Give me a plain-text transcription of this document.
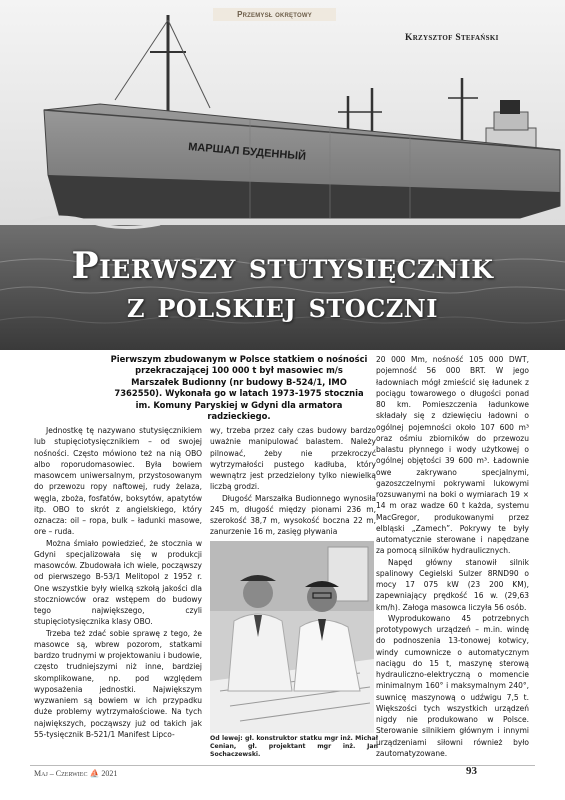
МАРШАЛ БУДЕННЫЙ
Przemysł okrętowy
Krzysztof Stefański
Pierwszy stutysięcznik
z polskiej stoczni
Pierwszym zbudowanym w Polsce statkiem o nośności przekraczającej 100 000 t był masowiec m/s Marszałek Budionny (nr budowy B-524/1, IMO 7362550). Wykonała go w latach 1973-1975 stocznia im. Komuny Paryskiej w Gdyni dla armatora radzieckiego.

Jednostkę tę nazywano stutysięcznikiem lub stupięciotysięcznikiem – od swojej nośności. Często mówiono też na nią OBO albo roporudomasowiec. Była bowiem masowcem uniwersalnym, przystosowanym do przewozu ropy naftowej, rudy żelaza, węgla, zboża, fosfatów, boksytów, apatytów itp. OBO to skrót z angielskiego, który oznacza: oil – ropa, bulk – ładunki masowe, ore – ruda.

Można śmiało powiedzieć, że stocznia w Gdyni specjalizowała się w produkcji masowców. Zbudowała ich wiele, począwszy od pierwszego B-53/1 Melitopol z 1952 r. One wszystkie były wielką szkołą jakości dla stoczniowców oraz wstępem do budowy tego największego, czyli stupięciotysięcznika klasy OBO.

Trzeba też zdać sobie sprawę z tego, że masowce są, wbrew pozorom, statkami bardzo trudnymi w projektowaniu i budowie, często trudniejszymi niż inne, bardziej skomplikowane, np. pod względem wyposażenia jednostki. Największym wyzwaniem są bowiem w ich przypadku duże problemy wytrzymałościowe. Na tych największych, począwszy już od takich jak 55-tysięcznik B-521/1 Manifest Lipco-

wy, trzeba przez cały czas budowy bardzo uważnie manipulować balastem. Należy pilnować, żeby nie przekroczyć wytrzymałości pustego kadłuba, który wewnątrz jest przedzielony tylko niewielką liczbą grodzi.

Długość Marszałka Budionnego wynosiła 245 m, długość między pionami 236 m, szerokość 38,7 m, wysokość boczna 22 m, zanurzenie 16 m, zasięg pływania

Od lewej: gł. konstruktor statku mgr inż. Michał Cenian, gł. projektant mgr inż. Jan Sochaczewski.

20 000 Mm, nośność 105 000 DWT, pojemność 56 000 BRT. W jego ładowniach mógł zmieścić się ładunek z pociągu towarowego o długości ponad 80 km. Pomieszczenia ładunkowe składały się z dziewięciu ładowni o ogólnej pojemności około 107 600 m³ oraz ośmiu zbiorników do przewozu balastu płynnego i wody użytkowej o ogólnej objętości 39 600 m³. Ładownie owe zakrywano specjalnymi, gazoszczelnymi pokrywami lukowymi rozsuwanymi na boki o wymiarach 19 × 14 m oraz wadze 60 t każda, systemu MacGregor, produkowanymi przez elbląski „Zamech”. Pokrywy te były automatycznie sterowane i napędzane za pomocą silników hydraulicznych.

Napęd główny stanowił silnik spalinowy Cegielski Sulzer 8RND90 o mocy 17 075 kW (23 200 KM), zapewniający prędkość 16 w. (29,63 km/h). Załoga masowca liczyła 56 osób.

Wyprodukowano 45 potrzebnych prototypowych urządzeń – m.in. windę do podnoszenia 13-tonowej kotwicy, windy cumownicze o automatycznym naciągu do 15 t, maszynę sterową hydrauliczno-elektryczną o momencie minimalnym 160° i maksymalnym 240°, suwnicę maszynową o udźwigu 7,5 t. Większości tych wszystkich urządzeń nigdy nie produkowano w Polsce. Sterowanie silnikiem głównym i innymi urządzeniami siłowni również było zautomatyzowane.

Maj – Czerwiec ⛵ 2021	93
